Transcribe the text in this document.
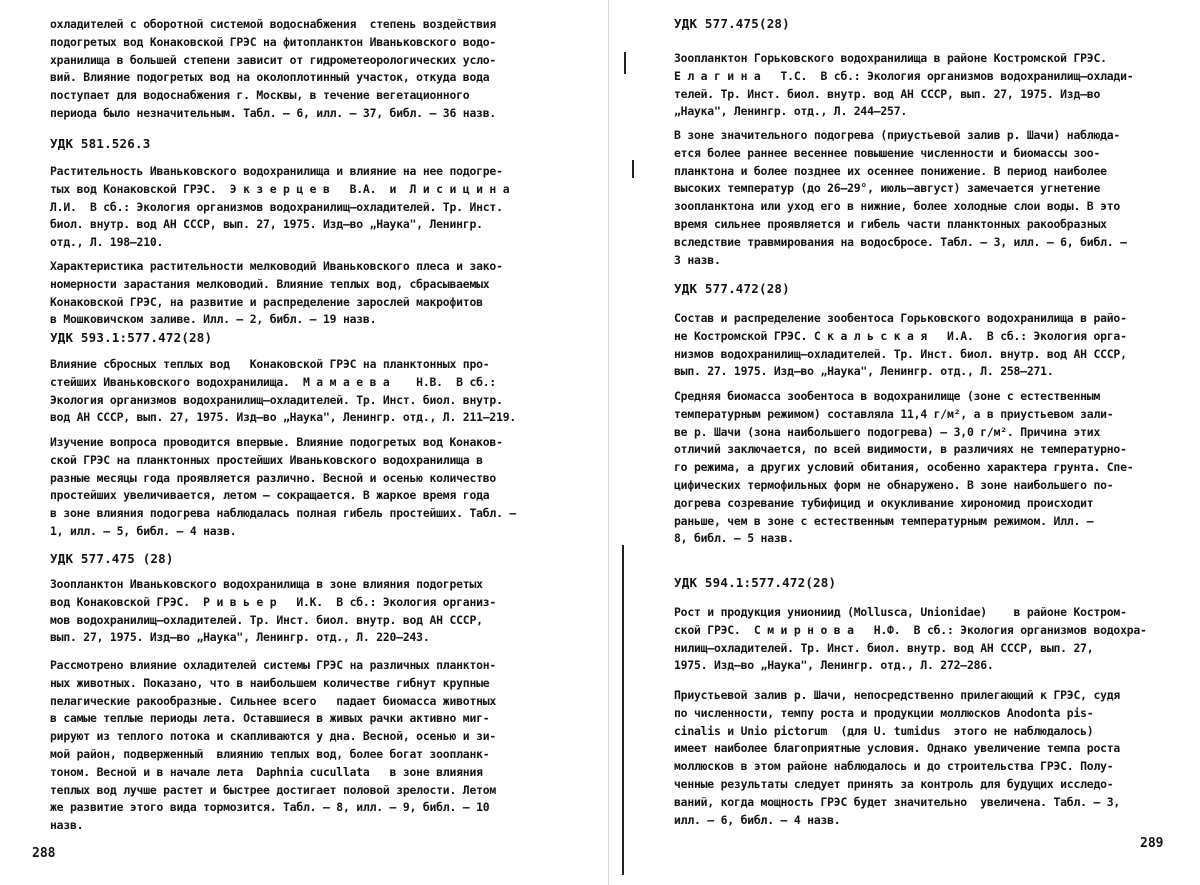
охладителей с оборотной системой водоснабжения  степень воздействия
подогретых вод Конаковской ГРЭС на фитопланктон Иваньковского водо-
хранилища в большей степени зависит от гидрометеорологических усло-
вий. Влияние подогретых вод на околоплотинный участок, откуда вода
поступает для водоснабжения г. Москвы, в течение вегетационного
периода было незначительным. Табл. – 6, илл. – 37, библ. – 36 назв.

УДК 581.526.3

Растительность Иваньковского водохранилища и влияние на нее подогре-
тых вод Конаковской ГРЭС.  Э к з е р ц е в   В.А.  и  Л и с и ц и н а
Л.И.  В сб.: Экология организмов водохранилищ–охладителей. Тр. Инст.
биол. внутр. вод АН СССР, вып. 27, 1975. Изд–во „Наука", Ленингр.
отд., Л. 198–210.

Характеристика растительности мелководий Иваньковского плеса и зако-
номерности зарастания мелководий. Влияние теплых вод, сбрасываемых
Конаковской ГРЭС, на развитие и распределение зарослей макрофитов
в Мошковичском заливе. Илл. – 2, библ. – 19 назв.

УДК 593.1:577.472(28)

Влияние сбросных теплых вод   Конаковской ГРЭС на планктонных про-
стейших Иваньковского водохранилища.  М а м а е в а    Н.В.  В сб.:
Экология организмов водохранилищ–охладителей. Тр. Инст. биол. внутр.
вод АН СССР, вып. 27, 1975. Изд–во „Наука", Ленингр. отд., Л. 211–219.

Изучение вопроса проводится впервые. Влияние подогретых вод Конаков-
ской ГРЭС на планктонных простейших Иваньковского водохранилища в
разные месяцы года проявляется различно. Весной и осенью количество
простейших увеличивается, летом – сокращается. В жаркое время года
в зоне влияния подогрева наблюдалась полная гибель простейших. Табл. –
1, илл. – 5, библ. – 4 назв.

УДК 577.475 (28)

Зоопланктон Иваньковского водохранилища в зоне влияния подогретых
вод Конаковской ГРЭС.  Р и в ь е р   И.К.  В сб.: Экология организ-
мов водохранилищ–охладителей. Тр. Инст. биол. внутр. вод АН СССР,
вып. 27, 1975. Изд–во „Наука", Ленингр. отд., Л. 220–243.

Рассмотрено влияние охладителей системы ГРЭС на различных планктон-
ных животных. Показано, что в наибольшем количестве гибнут крупные
пелагические ракообразные. Сильнее всего   падает биомасса животных
в самые теплые периоды лета. Оставшиеся в живых рачки активно миг-
рируют из теплого потока и скапливаются у дна. Весной, осенью и зи-
мой район, подверженный  влиянию теплых вод, более богат зоопланк-
тоном. Весной и в начале лета  Daphnia cucullata   в зоне влияния
теплых вод лучше растет и быстрее достигает половой зрелости. Летом
же развитие этого вида тормозится. Табл. – 8, илл. – 9, библ. – 10
назв.

288

УДК 577.475(28)

Зоопланктон Горьковского водохранилища в районе Костромской ГРЭС.
Е л а г и н а   Т.С.  В сб.: Экология организмов водохранилищ–охлади-
телей. Тр. Инст. биол. внутр. вод АН СССР, вып. 27, 1975. Изд–во
„Наука", Ленингр. отд., Л. 244–257.

В зоне значительного подогрева (приустьевой залив р. Шачи) наблюда-
ется более раннее весеннее повышение численности и биомассы зоо-
планктона и более позднее их осеннее понижение. В период наиболее
высоких температур (до 26–29°, июль–август) замечается угнетение
зоопланктона или уход его в нижние, более холодные слои воды. В это
время сильнее проявляется и гибель части планктонных ракообразных
вследствие травмирования на водосбросе. Табл. – 3, илл. – 6, библ. –
3 назв.

УДК 577.472(28)

Состав и распределение зообентоса Горьковского водохранилища в райо-
не Костромской ГРЭС. С к а л ь с к а я   И.А.  В сб.: Экология орга-
низмов водохранилищ–охладителей. Тр. Инст. биол. внутр. вод АН СССР,
вып. 27. 1975. Изд–во „Наука", Ленингр. отд., Л. 258–271.

Средняя биомасса зообентоса в водохранилище (зоне с естественным
температурным режимом) составляла 11,4 г/м², а в приустьевом зали-
ве р. Шачи (зона наибольшего подогрева) – 3,0 г/м². Причина этих
отличий заключается, по всей видимости, в различиях не температурно-
го режима, а других условий обитания, особенно характера грунта. Спе-
цифических термофильных форм не обнаружено. В зоне наибольшего по-
догрева созревание тубифицид и окукливание хирономид происходит
раньше, чем в зоне с естественным температурным режимом. Илл. –
8, библ. – 5 назв.

УДК 594.1:577.472(28)

Рост и продукция униониид (Mollusca, Unionidae)    в районе Костром-
ской ГРЭС.  С м и р н о в а   Н.Ф.  В сб.: Экология организмов водохра-
нилищ–охладителей. Тр. Инст. биол. внутр. вод АН СССР, вып. 27,
1975. Изд–во „Наука", Ленингр. отд., Л. 272–286.

Приустьевой залив р. Шачи, непосредственно прилегающий к ГРЭС, судя
по численности, темпу роста и продукции моллюсков Anodonta pis-
cinalis и Unio pictorum  (для U. tumidus  этого не наблюдалось)
имеет наиболее благоприятные условия. Однако увеличение темпа роста
моллюсков в этом районе наблюдалось и до строительства ГРЭС. Полу-
ченные результаты следует принять за контроль для будущих исследо-
ваний, когда мощность ГРЭС будет значительно  увеличена. Табл. – 3,
илл. – 6, библ. – 4 назв.

289
